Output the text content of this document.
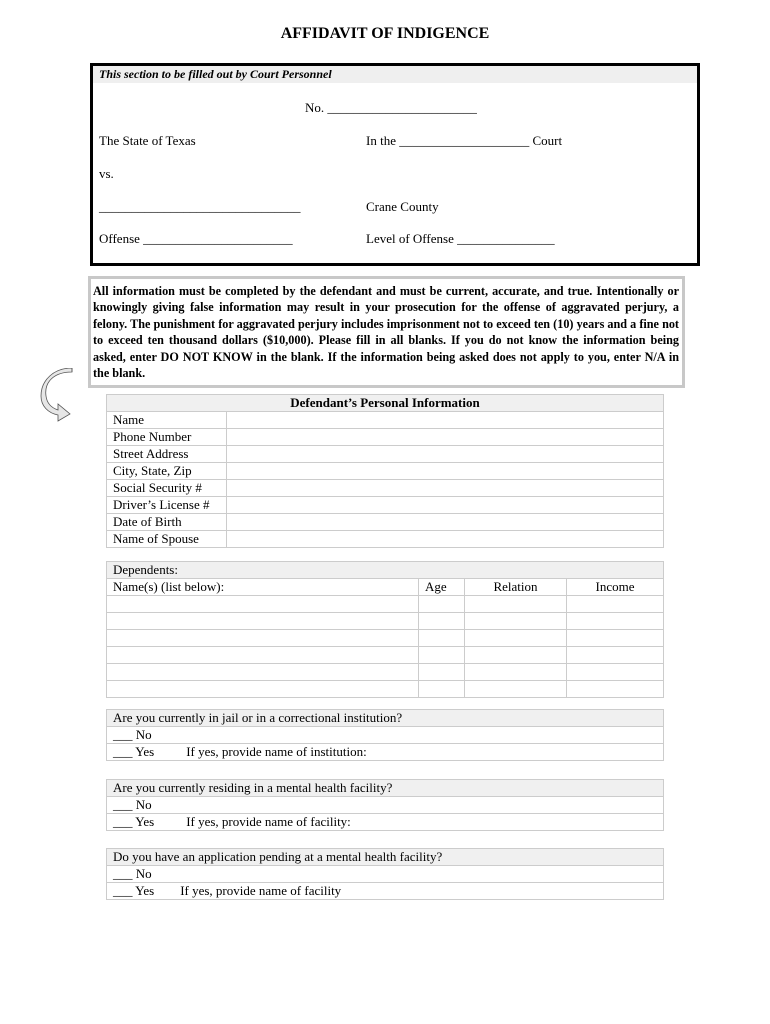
AFFIDAVIT OF INDIGENCE
This section to be filled out by Court Personnel
No. _______________________
The State of Texas	In the ____________________ Court
vs.
_______________________________	Crane County
Offense _______________________	Level of Offense _______________
All information must be completed by the defendant and must be current, accurate, and true. Intentionally or knowingly giving false information may result in your prosecution for the offense of aggravated perjury, a felony. The punishment for aggravated perjury includes imprisonment not to exceed ten (10) years and a fine not to exceed ten thousand dollars ($10,000). Please fill in all blanks. If you do not know the information being asked, enter DO NOT KNOW in the blank. If the information being asked does not apply to you, enter N/A in the blank.
Defendant’s Personal Information	
Name	
Phone Number	
Street Address	
City, State, Zip	
Social Security #	
Driver’s License #	
Date of Birth	
Name of Spouse	
Dependents:			
Name(s) (list below):	Age	Relation	Income

Are you currently in jail or in a correctional institution?
___ No
___ Yes If yes, provide name of institution:
Are you currently residing in a mental health facility?
___ No
___ Yes If yes, provide name of facility:
Do you have an application pending at a mental health facility?
___ No
___ Yes If yes, provide name of facility
